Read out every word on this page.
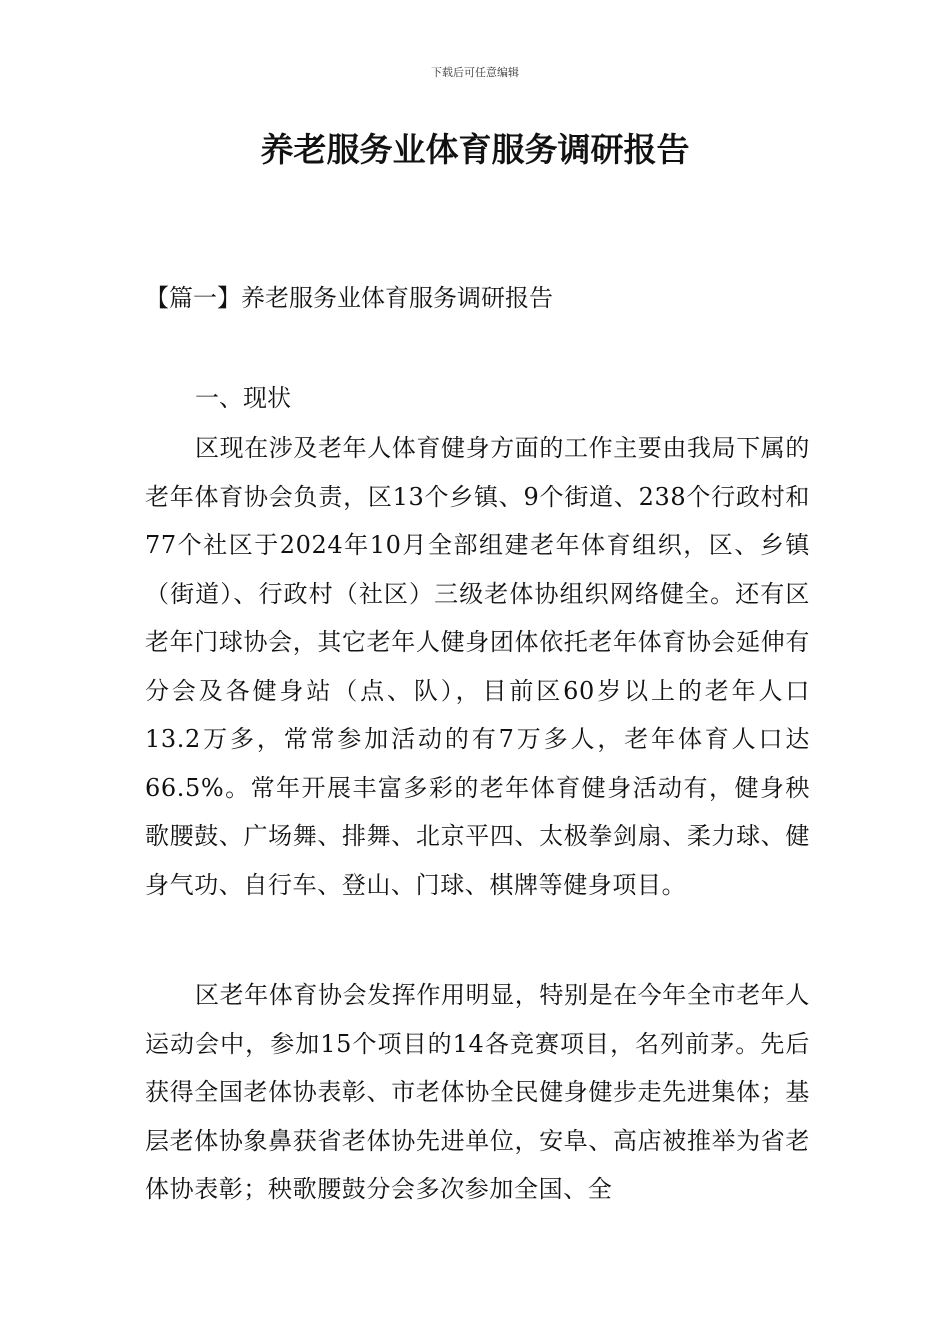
下载后可任意编辑
养老服务业体育服务调研报告
【篇一】养老服务业体育服务调研报告
一、现状

区现在涉及老年人体育健身方面的工作主要由我局下属的老年体育协会负责，区13个乡镇、9个街道、238个行政村和77个社区于2024年10月全部组建老年体育组织，区、乡镇（街道）、行政村（社区）三级老体协组织网络健全。还有区老年门球协会，其它老年人健身团体依托老年体育协会延伸有分会及各健身站（点、队），目前区60岁以上的老年人口13.2万多，常常参加活动的有7万多人，老年体育人口达66.5%。常年开展丰富多彩的老年体育健身活动有，健身秧歌腰鼓、广场舞、排舞、北京平四、太极拳剑扇、柔力球、健身气功、自行车、登山、门球、棋牌等健身项目。

区老年体育协会发挥作用明显，特别是在今年全市老年人运动会中，参加15个项目的14各竞赛项目，名列前茅。先后获得全国老体协表彰、市老体协全民健身健步走先进集体；基层老体协象鼻获省老体协先进单位，安阜、高店被推举为省老体协表彰；秧歌腰鼓分会多次参加全国、全
